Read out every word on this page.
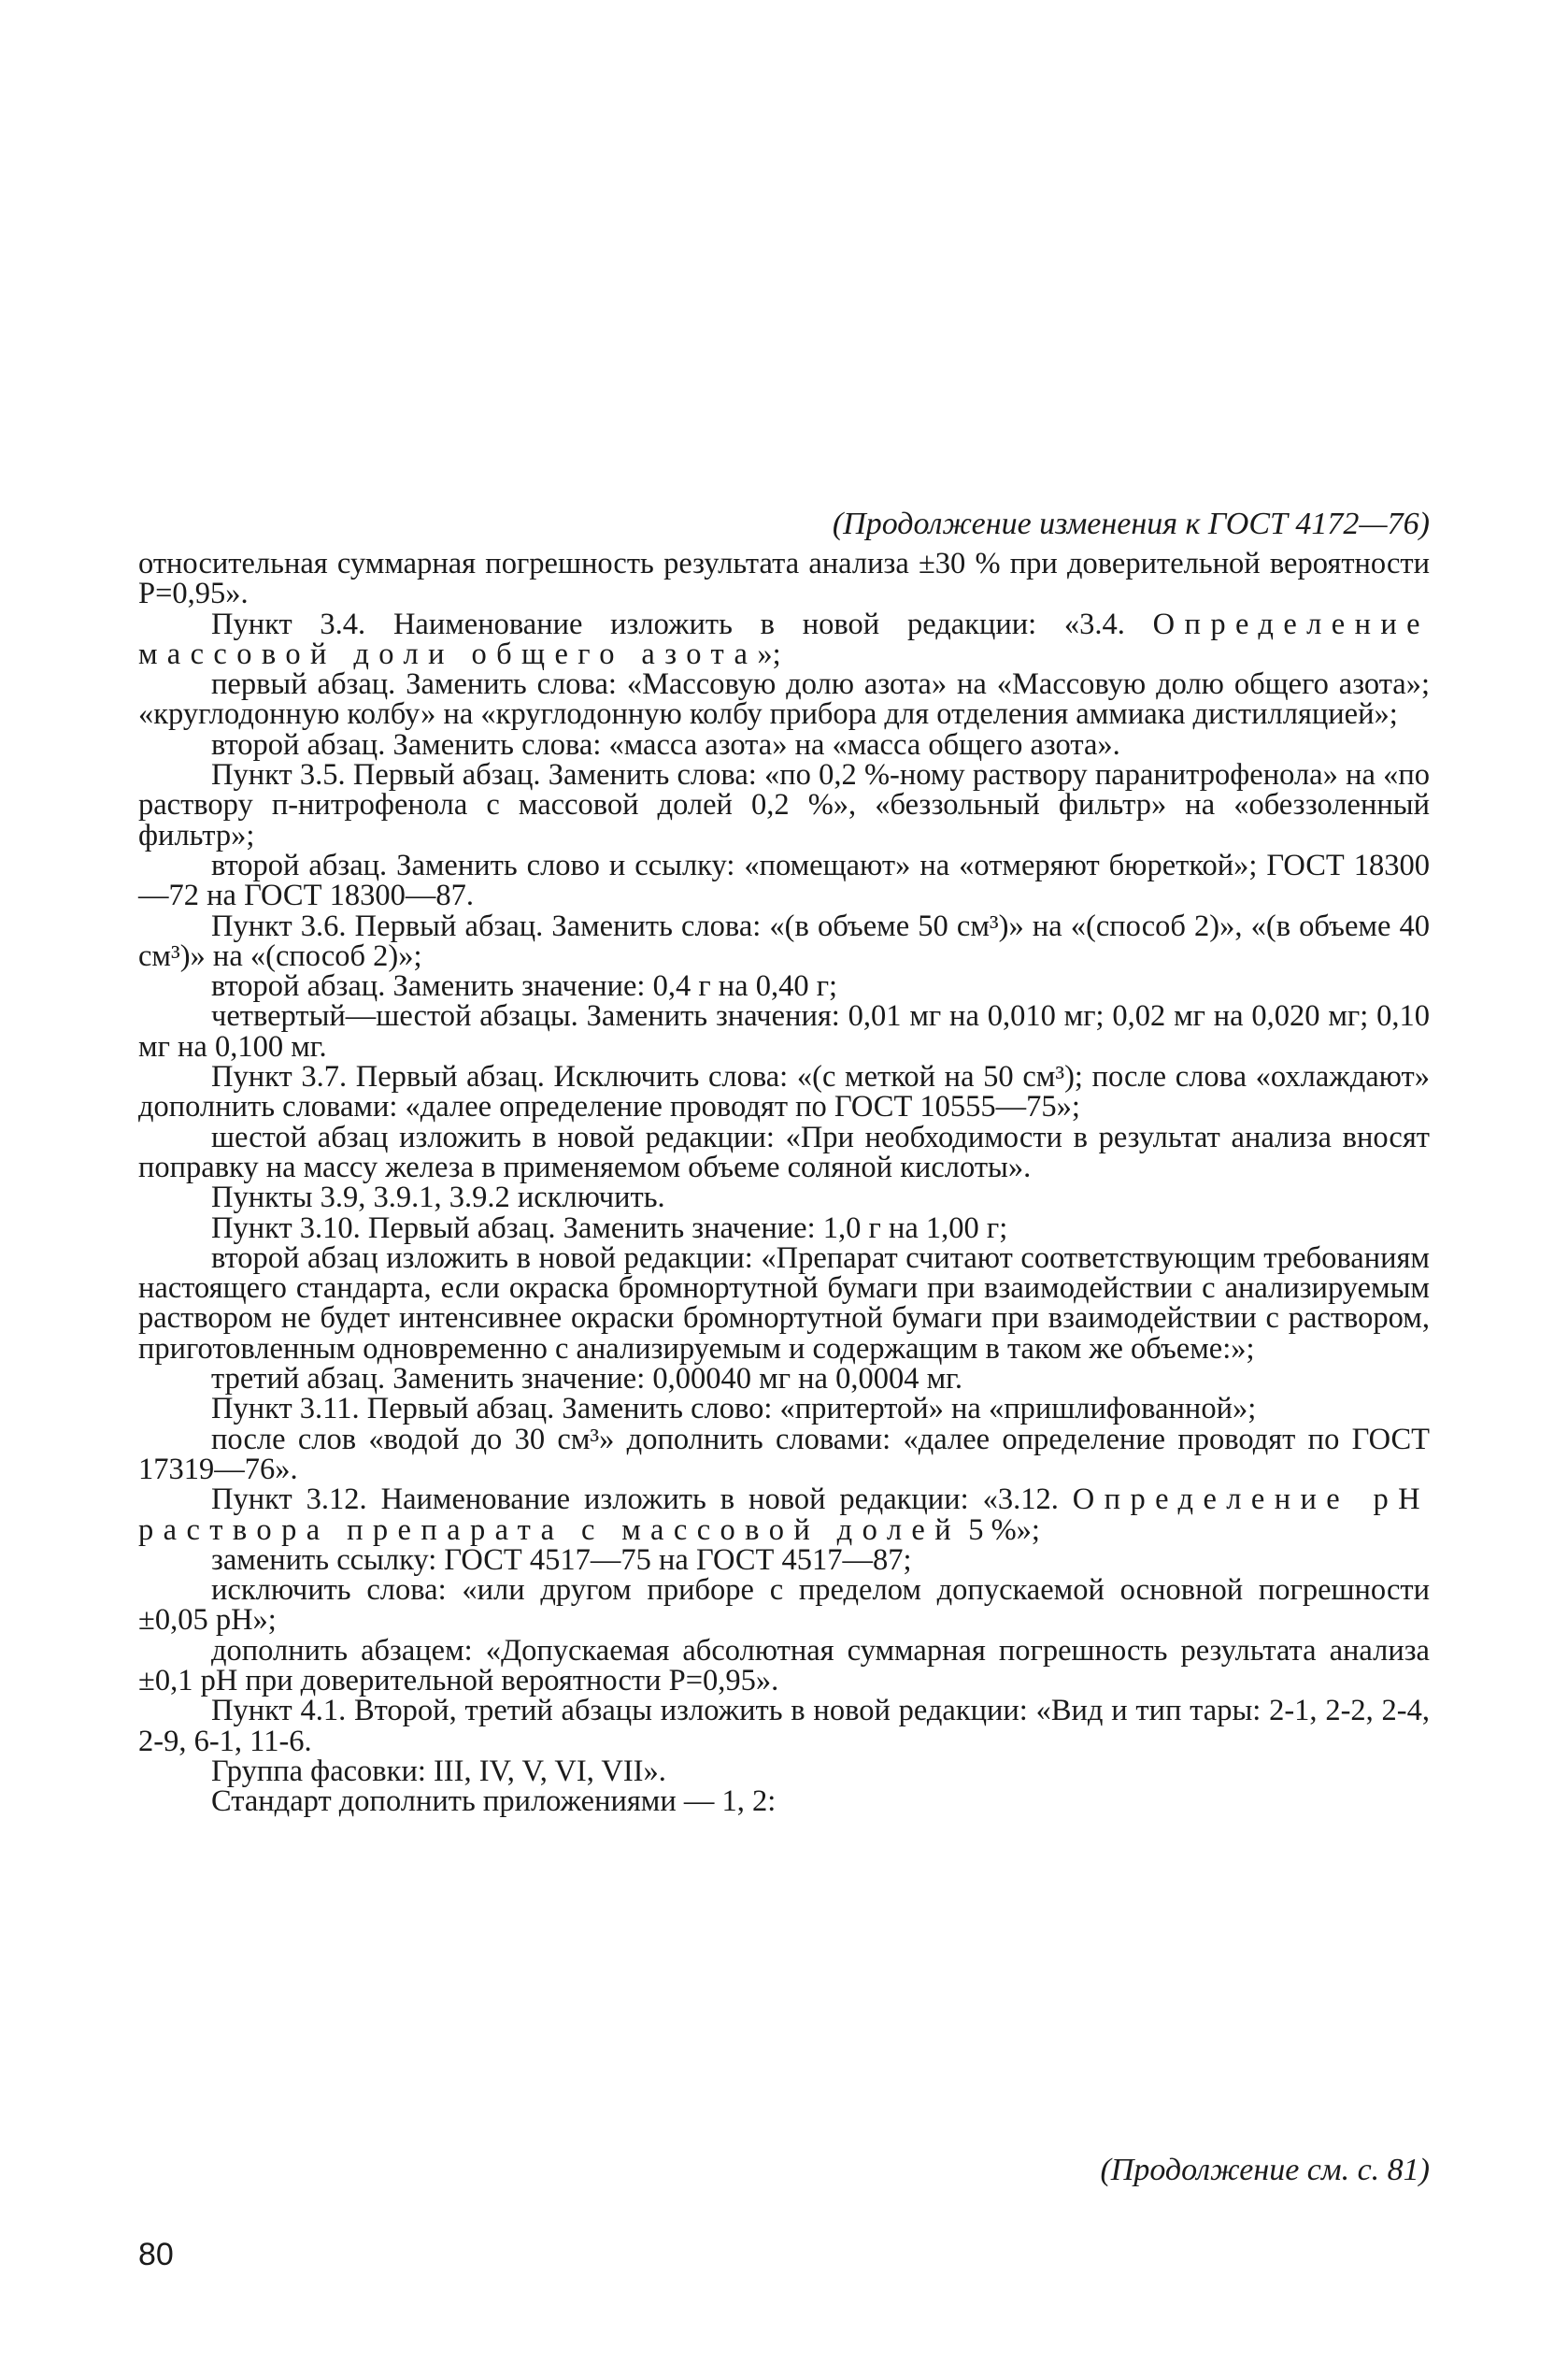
(Продолжение изменения к ГОСТ 4172—76)

относительная суммарная погрешность результата анализа ±30 % при доверительной вероятности Р=0,95».

Пункт 3.4. Наименование изложить в новой редакции: «3.4. Определение массовой доли общего азота»;

первый абзац. Заменить слова: «Массовую долю азота» на «Массовую долю общего азота»; «круглодонную колбу» на «круглодонную колбу прибора для отделения аммиака дистилляцией»;

второй абзац. Заменить слова: «масса азота» на «масса общего азота».

Пункт 3.5. Первый абзац. Заменить слова: «по 0,2 %-ному раствору паранитрофенола» на «по раствору п-нитрофенола с массовой долей 0,2 %», «беззольный фильтр» на «обеззоленный фильтр»;

второй абзац. Заменить слово и ссылку: «помещают» на «отмеряют бюреткой»; ГОСТ 18300—72 на ГОСТ 18300—87.

Пункт 3.6. Первый абзац. Заменить слова: «(в объеме 50 см³)» на «(способ 2)», «(в объеме 40 см³)» на «(способ 2)»;

второй абзац. Заменить значение: 0,4 г на 0,40 г;

четвертый—шестой абзацы. Заменить значения: 0,01 мг на 0,010 мг; 0,02 мг на 0,020 мг; 0,10 мг на 0,100 мг.

Пункт 3.7. Первый абзац. Исключить слова: «(с меткой на 50 см³); после слова «охлаждают» дополнить словами: «далее определение проводят по ГОСТ 10555—75»;

шестой абзац изложить в новой редакции: «При необходимости в результат анализа вносят поправку на массу железа в применяемом объеме соляной кислоты».

Пункты 3.9, 3.9.1, 3.9.2 исключить.

Пункт 3.10. Первый абзац. Заменить значение: 1,0 г на 1,00 г;

второй абзац изложить в новой редакции: «Препарат считают соответствующим требованиям настоящего стандарта, если окраска бромнортутной бумаги при взаимодействии с анализируемым раствором не будет интенсивнее окраски бромнортутной бумаги при взаимодействии с раствором, приготовленным одновременно с анализируемым и содержащим в таком же объеме:»;

третий абзац. Заменить значение: 0,00040 мг на 0,0004 мг.

Пункт 3.11. Первый абзац. Заменить слово: «притертой» на «пришлифованной»;

после слов «водой до 30 см³» дополнить словами: «далее определение проводят по ГОСТ 17319—76».

Пункт 3.12. Наименование изложить в новой редакции: «3.12. Определение рН раствора препарата с массовой долей 5 %»;

заменить ссылку: ГОСТ 4517—75 на ГОСТ 4517—87;

исключить слова: «или другом приборе с пределом допускаемой основной погрешности ±0,05 рН»;

дополнить абзацем: «Допускаемая абсолютная суммарная погрешность результата анализа ±0,1 рН при доверительной вероятности Р=0,95».

Пункт 4.1. Второй, третий абзацы изложить в новой редакции: «Вид и тип тары: 2-1, 2-2, 2-4, 2-9, 6-1, 11-6.

Группа фасовки: III, IV, V, VI, VII».

Стандарт дополнить приложениями — 1, 2:

(Продолжение см. с. 81)
80
